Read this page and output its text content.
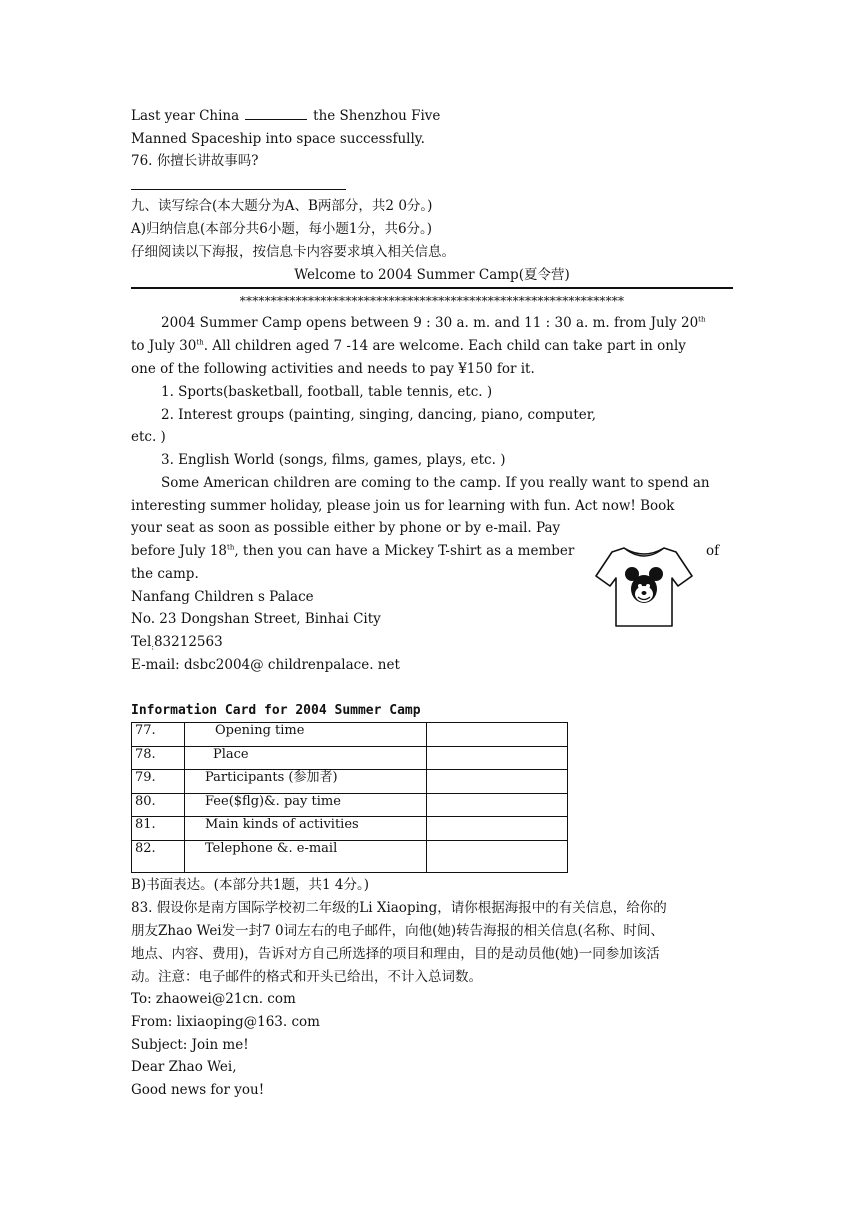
Last year China	the Shenzhou Five
Manned Spaceship into space successfully.
76. 你擅长讲故事吗?
九、读写综合(本大题分为A、B两部分，共2 0分。)
A)归纳信息(本部分共6小题，每小题1分，共6分。)
仔细阅读以下海报，按信息卡内容要求填入相关信息。
Welcome to 2004 Summer Camp(夏令营)
**************************************************************
2004 Summer Camp opens between 9 : 30 a. m. and 11 : 30 a. m. from July 20th
to July 30th. All children aged 7 -14 are welcome. Each child can take part in only
one of the following activities and needs to pay ¥150 for it.
1. Sports(basketball, football, table tennis, etc. )
2. Interest groups (painting, singing, dancing, piano, computer,
etc. )
3. English World (songs, films, games, plays, etc. )
Some American children are coming to the camp. If you really want to spend an
interesting summer holiday, please join us for learning with fun. Act now! Book
your seat as soon as possible either by phone or by e-mail. Pay
before July 18th, then you can have a Mickey T-shirt as a member	of
the camp.
Nanfang Children s Palace
No. 23 Dongshan Street, Binhai City
Tel$_:$83212563
E-mail: dsbc2004@ childrenpalace. net
Information Card for 2004 Summer Camp
77.	Opening time	
78.	Place	
79.	Participants (参加者)	
80.	Fee($flg)&. pay time	
81.	Main kinds of activities	
82.	Telephone &. e-mail	
B)书面表达。(本部分共1题，共1 4分。)
83. 假设你是南方国际学校初二年级的Li Xiaoping，请你根据海报中的有关信息，给你的
朋友Zhao Wei发一封7 0词左右的电子邮件，向他(她)转告海报的相关信息(名称、时间、
地点、内容、费用)，告诉对方自己所选择的项目和理由，目的是动员他(她)一同参加该活
动。注意：电子邮件的格式和开头已给出，不计入总词数。
To: zhaowei@21cn. com
From: lixiaoping@163. com
Subject: Join me!
Dear Zhao Wei,
Good news for you!
